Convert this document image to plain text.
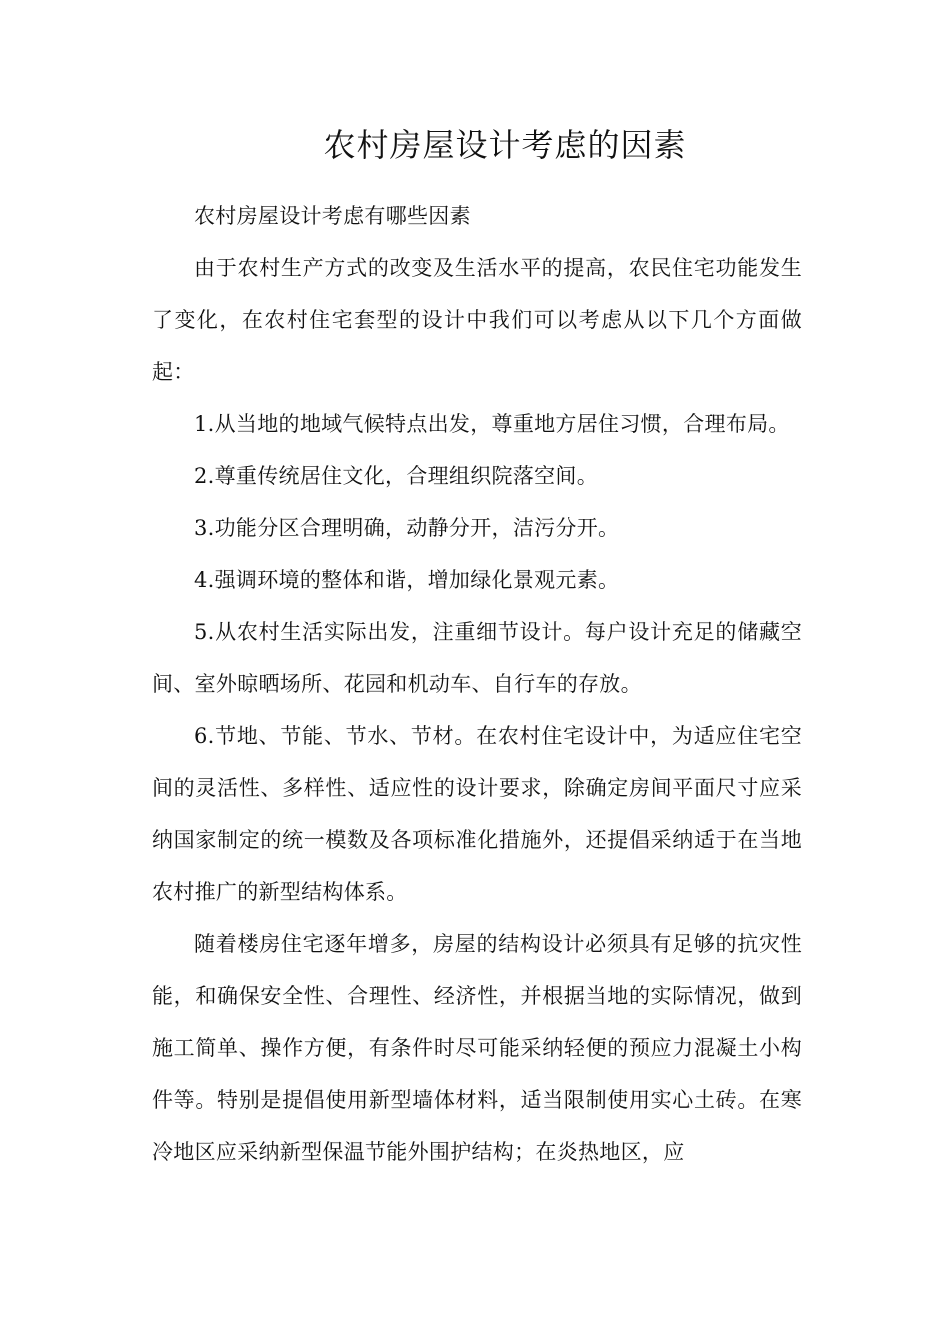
农村房屋设计考虑的因素

农村房屋设计考虑有哪些因素

由于农村生产方式的改变及生活水平的提高，农民住宅功能发生了变化，在农村住宅套型的设计中我们可以考虑从以下几个方面做起：

1.从当地的地域气候特点出发，尊重地方居住习惯，合理布局。

2.尊重传统居住文化，合理组织院落空间。

3.功能分区合理明确，动静分开，洁污分开。

4.强调环境的整体和谐，增加绿化景观元素。

5.从农村生活实际出发，注重细节设计。每户设计充足的储藏空间、室外晾晒场所、花园和机动车、自行车的存放。

6.节地、节能、节水、节材。在农村住宅设计中，为适应住宅空间的灵活性、多样性、适应性的设计要求，除确定房间平面尺寸应采纳国家制定的统一模数及各项标准化措施外，还提倡采纳适于在当地农村推广的新型结构体系。

随着楼房住宅逐年增多，房屋的结构设计必须具有足够的抗灾性能，和确保安全性、合理性、经济性，并根据当地的实际情况，做到施工简单、操作方便，有条件时尽可能采纳轻便的预应力混凝土小构件等。特别是提倡使用新型墙体材料，适当限制使用实心土砖。在寒冷地区应采纳新型保温节能外围护结构；在炎热地区，应
